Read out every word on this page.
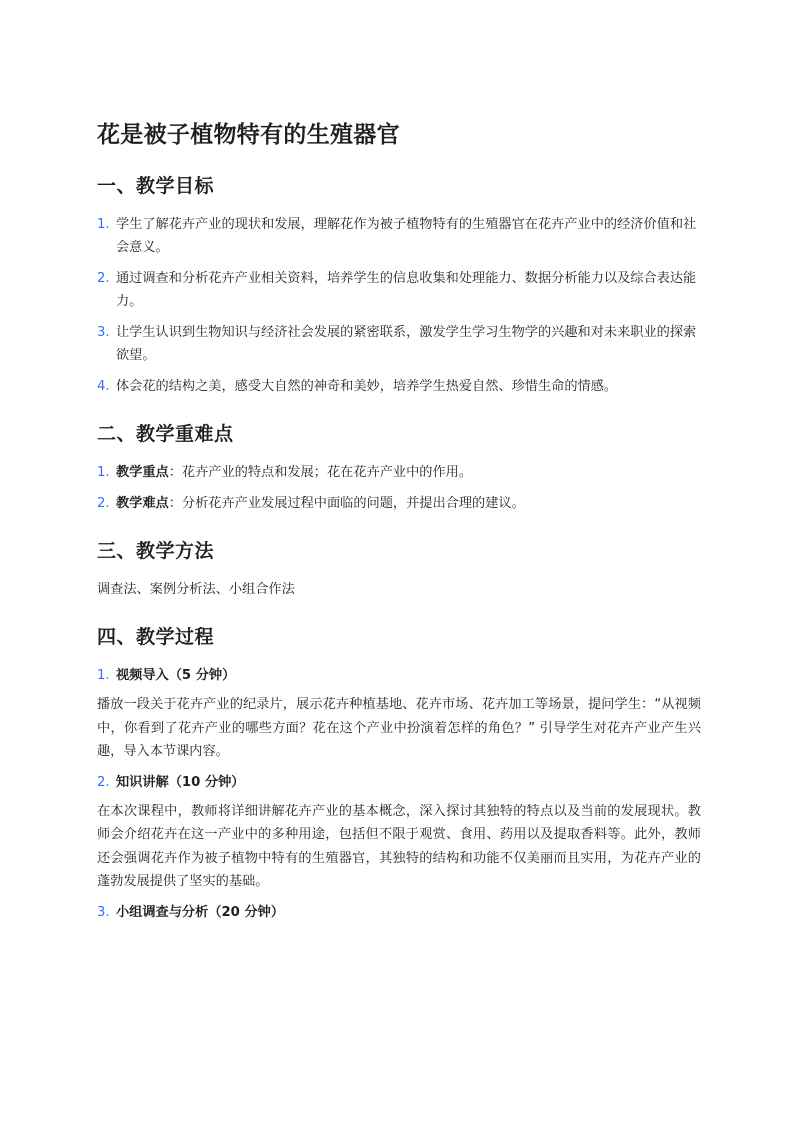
花是被子植物特有的生殖器官
一、教学目标
1. 学生了解花卉产业的现状和发展，理解花作为被子植物特有的生殖器官在花卉产业中的经济价值和社会意义。
2. 通过调查和分析花卉产业相关资料，培养学生的信息收集和处理能力、数据分析能力以及综合表达能力。
3. 让学生认识到生物知识与经济社会发展的紧密联系，激发学生学习生物学的兴趣和对未来职业的探索欲望。
4. 体会花的结构之美，感受大自然的神奇和美妙，培养学生热爱自然、珍惜生命的情感。
二、教学重难点
1. 教学重点：花卉产业的特点和发展；花在花卉产业中的作用。
2. 教学难点：分析花卉产业发展过程中面临的问题，并提出合理的建议。
三、教学方法

调查法、案例分析法、小组合作法

四、教学过程

1. 视频导入（5 分钟）

播放一段关于花卉产业的纪录片，展示花卉种植基地、花卉市场、花卉加工等场景，提问学生：“从视频中，你看到了花卉产业的哪些方面？花在这个产业中扮演着怎样的角色？” 引导学生对花卉产业产生兴趣，导入本节课内容。

2. 知识讲解（10 分钟）

在本次课程中，教师将详细讲解花卉产业的基本概念，深入探讨其独特的特点以及当前的发展现状。教师会介绍花卉在这一产业中的多种用途，包括但不限于观赏、食用、药用以及提取香料等。此外，教师还会强调花卉作为被子植物中特有的生殖器官，其独特的结构和功能不仅美丽而且实用，为花卉产业的蓬勃发展提供了坚实的基础。

3. 小组调查与分析（20 分钟）
